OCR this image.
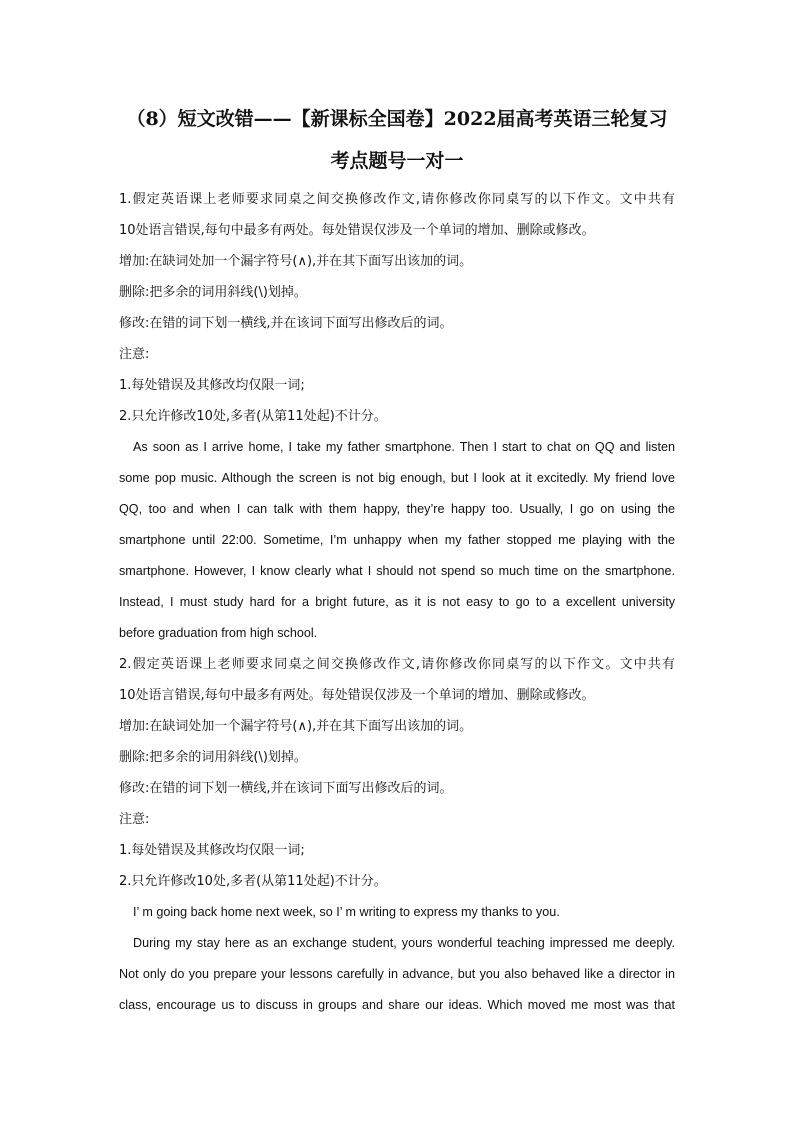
（8）短文改错——【新课标全国卷】2022届高考英语三轮复习
考点题号一对一

1.假定英语课上老师要求同桌之间交换修改作文,请你修改你同桌写的以下作文。文中共有

10处语言错误,每句中最多有两处。每处错误仅涉及一个单词的增加、删除或修改。

增加:在缺词处加一个漏字符号(∧),并在其下面写出该加的词。

删除:把多余的词用斜线(\)划掉。

修改:在错的词下划一横线,并在该词下面写出修改后的词。

注意:

1.每处错误及其修改均仅限一词;

2.只允许修改10处,多者(从第11处起)不计分。

As soon as I arrive home, I take my father smartphone. Then I start to chat on QQ and listen

some pop music. Although the screen is not big enough, but I look at it excitedly. My friend love

QQ, too and when I can talk with them happy, they’re happy too. Usually, I go on using the

smartphone until 22:00. Sometime, I’m unhappy when my father stopped me playing with the

smartphone. However, I know clearly what I should not spend so much time on the smartphone.

Instead, I must study hard for a bright future, as it is not easy to go to a excellent university

before graduation from high school.

2.假定英语课上老师要求同桌之间交换修改作文,请你修改你同桌写的以下作文。文中共有

10处语言错误,每句中最多有两处。每处错误仅涉及一个单词的增加、删除或修改。

增加:在缺词处加一个漏字符号(∧),并在其下面写出该加的词。

删除:把多余的词用斜线(\)划掉。

修改:在错的词下划一横线,并在该词下面写出修改后的词。

注意:

1.每处错误及其修改均仅限一词;

2.只允许修改10处,多者(从第11处起)不计分。

I’ m going back home next week, so I’ m writing to express my thanks to you.

During my stay here as an exchange student, yours wonderful teaching impressed me deeply.

Not only do you prepare your lessons carefully in advance, but you also behaved like a director in

class, encourage us to discuss in groups and share our ideas. Which moved me most was that
